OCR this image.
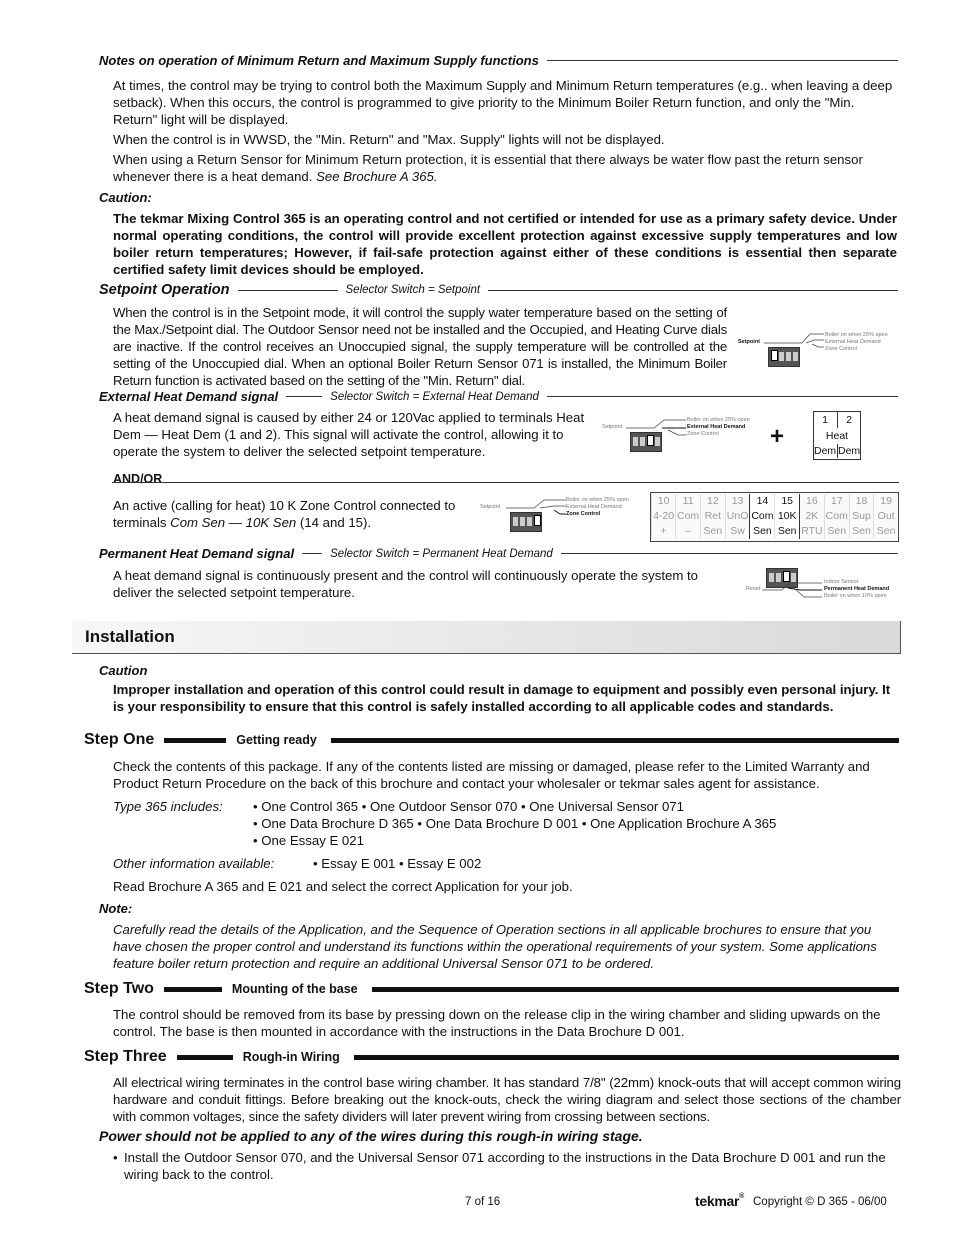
Notes on operation of Minimum Return and Maximum Supply functions

At times, the control may be trying to control both the Maximum Supply and Minimum Return temperatures (e.g.. when leaving a deep setback). When this occurs, the control is programmed to give priority to the Minimum Boiler Return function, and only the "Min. Return" light will be displayed.

When the control is in WWSD, the "Min. Return" and "Max. Supply" lights will not be displayed.

When using a Return Sensor for Minimum Return protection, it is essential that there always be water flow past the return sensor whenever there is a heat demand. See Brochure A 365.

Caution:

The tekmar Mixing Control 365 is an operating control and not certified or intended for use as a primary safety device. Under normal operating conditions, the control will provide excellent protection against excessive supply temperatures and low boiler return temperatures; However, if fail-safe protection against either of these conditions is essential then separate certified safety limit devices should be employed.

Setpoint Operation	Selector Switch = Setpoint

When the control is in the Setpoint mode, it will control the supply water temperature based on the setting of the Max./Setpoint dial. The Outdoor Sensor need not be installed and the Occupied, and Heating Curve dials are inactive. If the control receives an Unoccupied signal, the supply temperature will be controlled at the setting of the Unoccupied dial. When an optional Boiler Return Sensor 071 is installed, the Minimum Boiler Return function is activated based on the setting of the "Min. Return" dial.

Setpoint
Boiler on when 25% open
External Heat Demand
Zone Control
External Heat Demand signal	Selector Switch = External Heat Demand

A heat demand signal is caused by either 24 or 120Vac applied to terminals Heat Dem — Heat Dem (1 and 2). This signal will activate the control, allowing it to operate the system to deliver the selected setpoint temperature.

Setpoint
Boiler on when 25% open
External Heat Demand
Zone Control +
1	2
Heat
Dem Dem
AND/OR

An active (calling for heat) 10 K Zone Control connected to terminals Com Sen — 10K Sen (14 and 15).

Setpoint
Boiler on when 25% open
External Heat Demand
Zone Control
10	11	12	13	14	15	16	17	18	19
4-20	Com	Ret	UnO	Com	10K	2K	Com	Sup	Out
+	–	Sen	Sw	Sen	Sen	RTU	Sen	Sen	Sen
Permanent Heat Demand signal	Selector Switch = Permanent Heat Demand

A heat demand signal is continuously present and the control will continuously operate the system to deliver the selected setpoint temperature.	Reset
Indoor Sensor
Permanent Heat Demand
Boiler on when 10% open
Installation
Caution

Improper installation and operation of this control could result in damage to equipment and possibly even personal injury. It is your responsibility to ensure that this control is safely installed according to all applicable codes and standards.

Step One	Getting ready

Check the contents of this package. If any of the contents listed are missing or damaged, please refer to the Limited Warranty and Product Return Procedure on the back of this brochure and contact your wholesaler or tekmar sales agent for assistance.

Type 365 includes: • One Control 365 • One Outdoor Sensor 070 • One Universal Sensor 071
• One Data Brochure D 365 • One Data Brochure D 001 • One Application Brochure A 365
• One Essay E 021
Other information available:	• Essay E 001 • Essay E 002

Read Brochure A 365 and E 021 and select the correct Application for your job.

Note:

Carefully read the details of the Application, and the Sequence of Operation sections in all applicable brochures to ensure that you have chosen the proper control and understand its functions within the operational requirements of your system. Some applications feature boiler return protection and require an additional Universal Sensor 071 to be ordered.

Step Two	Mounting of the base

The control should be removed from its base by pressing down on the release clip in the wiring chamber and sliding upwards on the control. The base is then mounted in accordance with the instructions in the Data Brochure D 001.

Step Three	Rough-in Wiring

All electrical wiring terminates in the control base wiring chamber. It has standard 7/8" (22mm) knock-outs that will accept common wiring hardware and conduit fittings. Before breaking out the knock-outs, check the wiring diagram and select those sections of the chamber with common voltages, since the safety dividers will later prevent wiring from crossing between sections.

Power should not be applied to any of the wires during this rough-in wiring stage.
• Install the Outdoor Sensor 070, and the Universal Sensor 071 according to the instructions in the Data Brochure D 001 and run the wiring back to the control.
7 of 16	tekmar® Copyright © D 365 - 06/00
